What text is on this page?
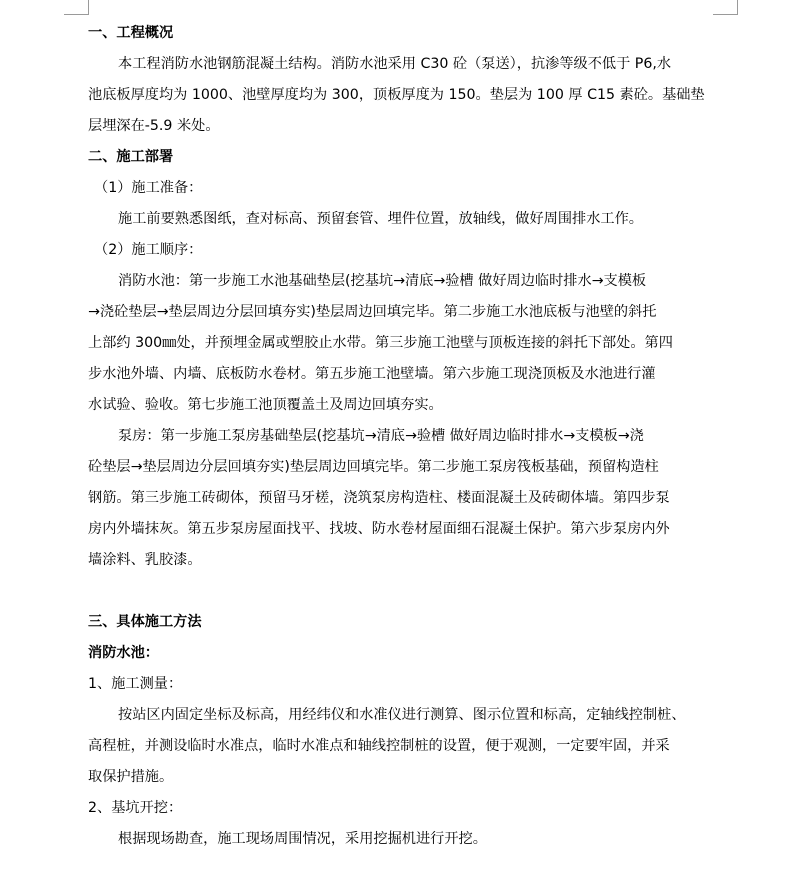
一、工程概况
本工程消防水池钢筋混凝土结构。消防水池采用 C30 砼（泵送），抗渗等级不低于 P6,水
池底板厚度均为 1000、池壁厚度均为 300，顶板厚度为 150。垫层为 100 厚 C15 素砼。基础垫
层埋深在-5.9 米处。
二、施工部署
（1）施工准备：
施工前要熟悉图纸，查对标高、预留套管、埋件位置，放轴线，做好周围排水工作。
（2）施工顺序：
消防水池：第一步施工水池基础垫层(挖基坑→清底→验槽 做好周边临时排水→支模板
→浇砼垫层→垫层周边分层回填夯实)垫层周边回填完毕。第二步施工水池底板与池壁的斜托
上部约 300㎜处，并预埋金属或塑胶止水带。第三步施工池壁与顶板连接的斜托下部处。第四
步水池外墙、内墙、底板防水卷材。第五步施工池壁墙。第六步施工现浇顶板及水池进行灌
水试验、验收。第七步施工池顶覆盖土及周边回填夯实。
泵房：第一步施工泵房基础垫层(挖基坑→清底→验槽 做好周边临时排水→支模板→浇
砼垫层→垫层周边分层回填夯实)垫层周边回填完毕。第二步施工泵房筏板基础，预留构造柱
钢筋。第三步施工砖砌体，预留马牙槎，浇筑泵房构造柱、楼面混凝土及砖砌体墙。第四步泵
房内外墙抹灰。第五步泵房屋面找平、找坡、防水卷材屋面细石混凝土保护。第六步泵房内外
墙涂料、乳胶漆。
三、具体施工方法
消防水池：
1、施工测量：
按站区内固定坐标及标高，用经纬仪和水准仪进行测算、图示位置和标高，定轴线控制桩、
高程桩，并测设临时水准点，临时水准点和轴线控制桩的设置，便于观测，一定要牢固，并采
取保护措施。
2、基坑开挖：
根据现场勘查，施工现场周围情况，采用挖掘机进行开挖。
